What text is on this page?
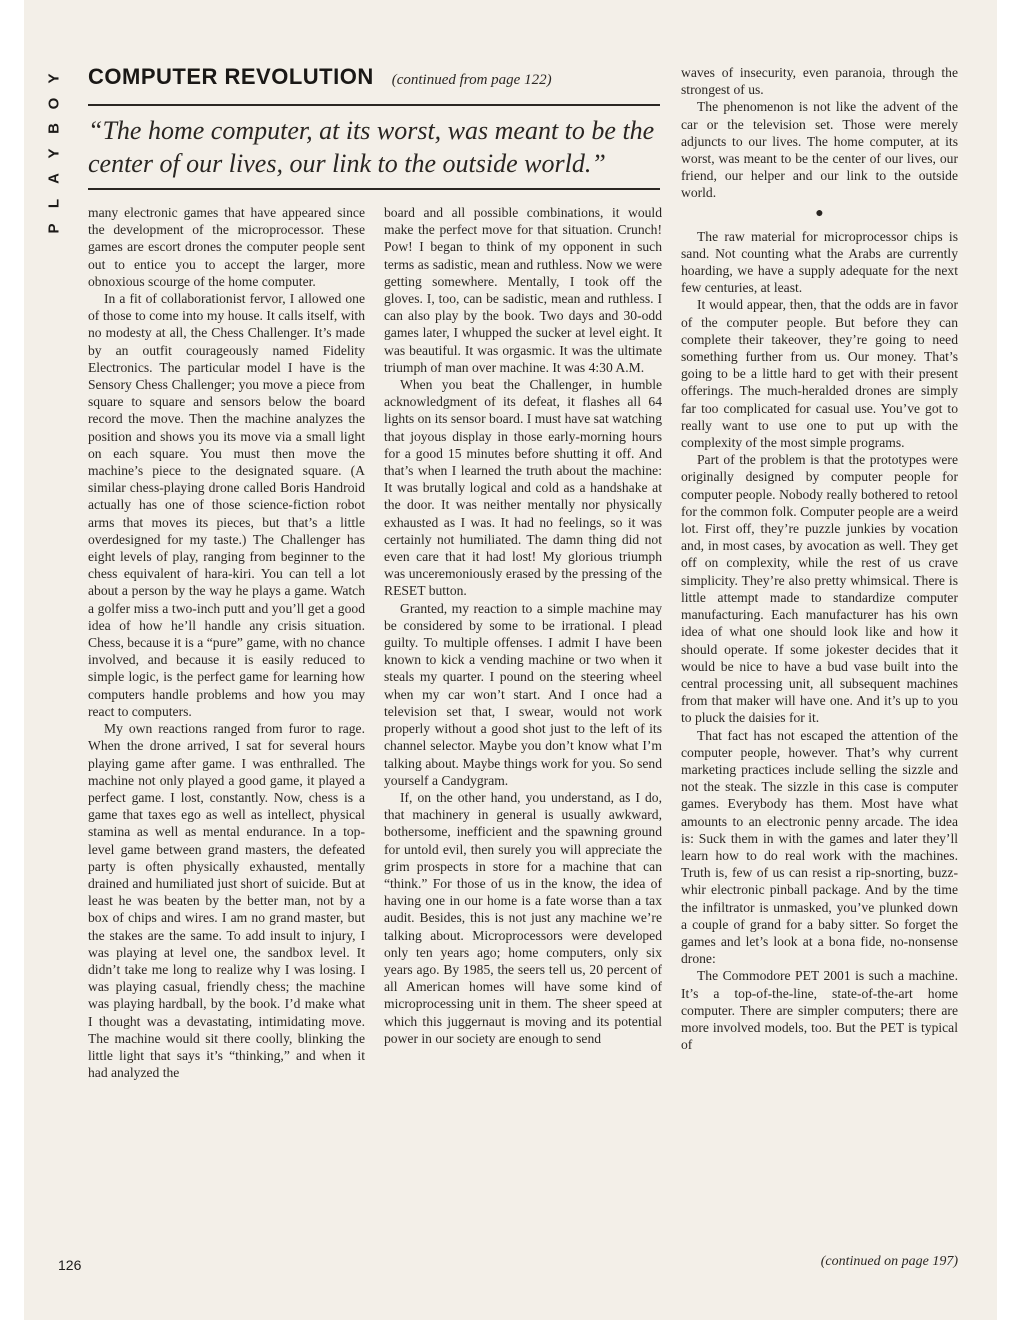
Y
O
B
Y
A
L
P
COMPUTER REVOLUTION (continued from page 122)

“The home computer, at its worst, was meant to be the center of our lives, our link to the outside world.”

many electronic games that have appeared since the development of the microprocessor. These games are escort drones the computer people sent out to entice you to accept the larger, more obnoxious scourge of the home computer.

In a fit of collaborationist fervor, I allowed one of those to come into my house. It calls itself, with no modesty at all, the Chess Challenger. It’s made by an outfit courageously named Fidelity Electronics. The particular model I have is the Sensory Chess Challenger; you move a piece from square to square and sensors below the board record the move. Then the machine analyzes the position and shows you its move via a small light on each square. You must then move the machine’s piece to the designated square. (A similar chess-playing drone called Boris Handroid actually has one of those science-fiction robot arms that moves its pieces, but that’s a little overdesigned for my taste.) The Challenger has eight levels of play, ranging from beginner to the chess equivalent of hara-kiri. You can tell a lot about a person by the way he plays a game. Watch a golfer miss a two-inch putt and you’ll get a good idea of how he’ll handle any crisis situation. Chess, because it is a “pure” game, with no chance involved, and because it is easily reduced to simple logic, is the perfect game for learning how computers handle problems and how you may react to computers.

My own reactions ranged from furor to rage. When the drone arrived, I sat for several hours playing game after game. I was enthralled. The machine not only played a good game, it played a perfect game. I lost, constantly. Now, chess is a game that taxes ego as well as intellect, physical stamina as well as mental endurance. In a top-level game between grand masters, the defeated party is often physically exhausted, mentally drained and humiliated just short of suicide. But at least he was beaten by the better man, not by a box of chips and wires. I am no grand master, but the stakes are the same. To add insult to injury, I was playing at level one, the sandbox level. It didn’t take me long to realize why I was losing. I was playing casual, friendly chess; the machine was playing hardball, by the book. I’d make what I thought was a devastating, intimidating move. The machine would sit there coolly, blinking the little light that says it’s “thinking,” and when it had analyzed the

board and all possible combinations, it would make the perfect move for that situation. Crunch! Pow! I began to think of my opponent in such terms as sadistic, mean and ruthless. Now we were getting somewhere. Mentally, I took off the gloves. I, too, can be sadistic, mean and ruthless. I can also play by the book. Two days and 30-odd games later, I whupped the sucker at level eight. It was beautiful. It was orgasmic. It was the ultimate triumph of man over machine. It was 4:30 A.M.

When you beat the Challenger, in humble acknowledgment of its defeat, it flashes all 64 lights on its sensor board. I must have sat watching that joyous display in those early-morning hours for a good 15 minutes before shutting it off. And that’s when I learned the truth about the machine: It was brutally logical and cold as a handshake at the door. It was neither mentally nor physically exhausted as I was. It had no feelings, so it was certainly not humiliated. The damn thing did not even care that it had lost! My glorious triumph was unceremoniously erased by the pressing of the RESET button.

Granted, my reaction to a simple machine may be considered by some to be irrational. I plead guilty. To multiple offenses. I admit I have been known to kick a vending machine or two when it steals my quarter. I pound on the steering wheel when my car won’t start. And I once had a television set that, I swear, would not work properly without a good shot just to the left of its channel selector. Maybe you don’t know what I’m talking about. Maybe things work for you. So send yourself a Candygram.

If, on the other hand, you understand, as I do, that machinery in general is usually awkward, bothersome, inefficient and the spawning ground for untold evil, then surely you will appreciate the grim prospects in store for a machine that can “think.” For those of us in the know, the idea of having one in our home is a fate worse than a tax audit. Besides, this is not just any machine we’re talking about. Microprocessors were developed only ten years ago; home computers, only six years ago. By 1985, the seers tell us, 20 percent of all American homes will have some kind of microprocessing unit in them. The sheer speed at which this juggernaut is moving and its potential power in our society are enough to send

waves of insecurity, even paranoia, through the strongest of us.

The phenomenon is not like the advent of the car or the television set. Those were merely adjuncts to our lives. The home computer, at its worst, was meant to be the center of our lives, our friend, our helper and our link to the outside world.

●

The raw material for microprocessor chips is sand. Not counting what the Arabs are currently hoarding, we have a supply adequate for the next few centuries, at least.

It would appear, then, that the odds are in favor of the computer people. But before they can complete their takeover, they’re going to need something further from us. Our money. That’s going to be a little hard to get with their present offerings. The much-heralded drones are simply far too complicated for casual use. You’ve got to really want to use one to put up with the complexity of the most simple programs.

Part of the problem is that the prototypes were originally designed by computer people for computer people. Nobody really bothered to retool for the common folk. Computer people are a weird lot. First off, they’re puzzle junkies by vocation and, in most cases, by avocation as well. They get off on complexity, while the rest of us crave simplicity. They’re also pretty whimsical. There is little attempt made to standardize computer manufacturing. Each manufacturer has his own idea of what one should look like and how it should operate. If some jokester decides that it would be nice to have a bud vase built into the central processing unit, all subsequent machines from that maker will have one. And it’s up to you to pluck the daisies for it.

That fact has not escaped the attention of the computer people, however. That’s why current marketing practices include selling the sizzle and not the steak. The sizzle in this case is computer games. Everybody has them. Most have what amounts to an electronic penny arcade. The idea is: Suck them in with the games and later they’ll learn how to do real work with the machines. Truth is, few of us can resist a rip-snorting, buzz-whir electronic pinball package. And by the time the infiltrator is unmasked, you’ve plunked down a couple of grand for a baby sitter. So forget the games and let’s look at a bona fide, no-nonsense drone:

The Commodore PET 2001 is such a machine. It’s a top-of-the-line, state-of-the-art home computer. There are simpler computers; there are more involved models, too. But the PET is typical of

(continued on page 197)
126
